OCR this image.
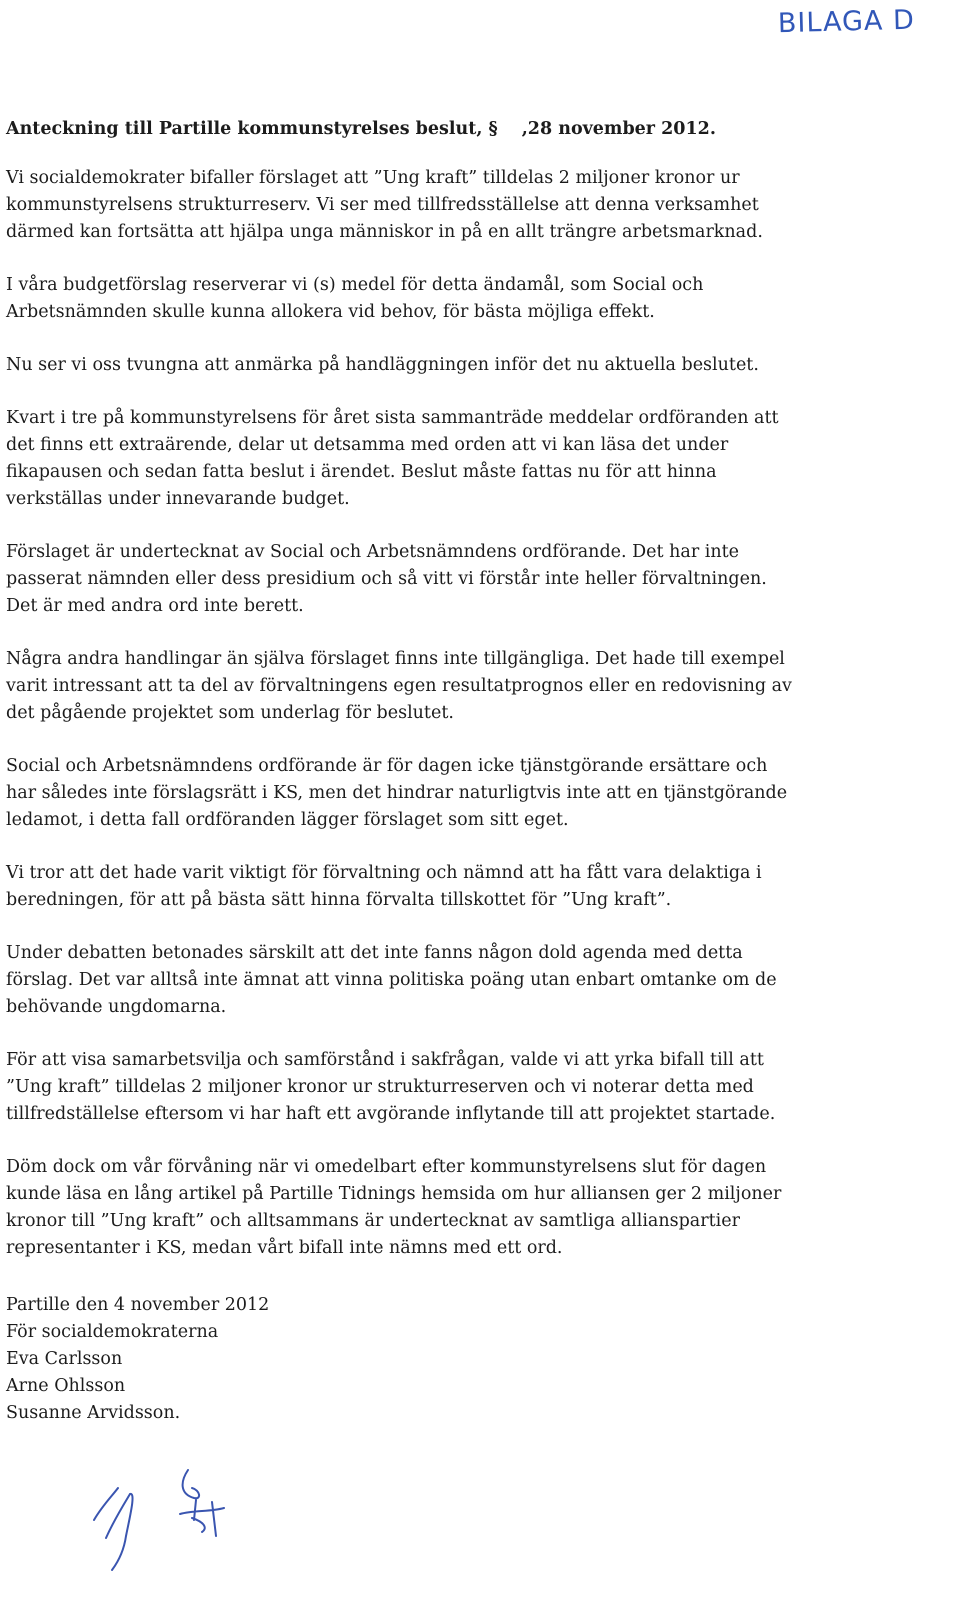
BILAGA D
Anteckning till Partille kommunstyrelses beslut, § ,28 november 2012.
Vi socialdemokrater bifaller förslaget att ”Ung kraft” tilldelas 2 miljoner kronor ur
kommunstyrelsens strukturreserv. Vi ser med tillfredsställelse att denna verksamhet
därmed kan fortsätta att hjälpa unga människor in på en allt trängre arbetsmarknad.
I våra budgetförslag reserverar vi (s) medel för detta ändamål, som Social och
Arbetsnämnden skulle kunna allokera vid behov, för bästa möjliga effekt.
Nu ser vi oss tvungna att anmärka på handläggningen inför det nu aktuella beslutet.
Kvart i tre på kommunstyrelsens för året sista sammanträde meddelar ordföranden att
det finns ett extraärende, delar ut detsamma med orden att vi kan läsa det under
fikapausen och sedan fatta beslut i ärendet. Beslut måste fattas nu för att hinna
verkställas under innevarande budget.
Förslaget är undertecknat av Social och Arbetsnämndens ordförande. Det har inte
passerat nämnden eller dess presidium och så vitt vi förstår inte heller förvaltningen.
Det är med andra ord inte berett.
Några andra handlingar än själva förslaget finns inte tillgängliga. Det hade till exempel
varit intressant att ta del av förvaltningens egen resultatprognos eller en redovisning av
det pågående projektet som underlag för beslutet.
Social och Arbetsnämndens ordförande är för dagen icke tjänstgörande ersättare och
har således inte förslagsrätt i KS, men det hindrar naturligtvis inte att en tjänstgörande
ledamot, i detta fall ordföranden lägger förslaget som sitt eget.
Vi tror att det hade varit viktigt för förvaltning och nämnd att ha fått vara delaktiga i
beredningen, för att på bästa sätt hinna förvalta tillskottet för ”Ung kraft”.
Under debatten betonades särskilt att det inte fanns någon dold agenda med detta
förslag. Det var alltså inte ämnat att vinna politiska poäng utan enbart omtanke om de
behövande ungdomarna.
För att visa samarbetsvilja och samförstånd i sakfrågan, valde vi att yrka bifall till att
”Ung kraft” tilldelas 2 miljoner kronor ur strukturreserven och vi noterar detta med
tillfredställelse eftersom vi har haft ett avgörande inflytande till att projektet startade.
Döm dock om vår förvåning när vi omedelbart efter kommunstyrelsens slut för dagen
kunde läsa en lång artikel på Partille Tidnings hemsida om hur alliansen ger 2 miljoner
kronor till ”Ung kraft” och alltsammans är undertecknat av samtliga allianspartier
representanter i KS, medan vårt bifall inte nämns med ett ord.
Partille den 4 november 2012
För socialdemokraterna
Eva Carlsson
Arne Ohlsson
Susanne Arvidsson.
